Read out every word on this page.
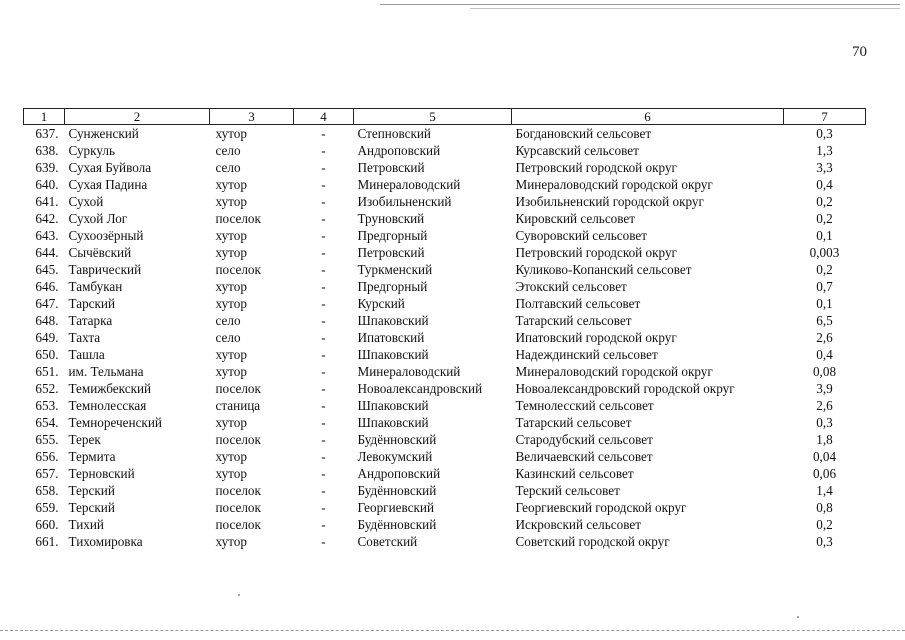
70
1	2	3	4	5	6	7
637.	Сунженский	хутор	-	Степновский	Богдановский сельсовет	0,3
638.	Суркуль	село	-	Андроповский	Курсавский сельсовет	1,3
639.	Сухая Буйвола	село	-	Петровский	Петровский городской округ	3,3
640.	Сухая Падина	хутор	-	Минераловодский	Минераловодский городской округ	0,4
641.	Сухой	хутор	-	Изобильненский	Изобильненский городской округ	0,2
642.	Сухой Лог	поселок	-	Труновский	Кировский сельсовет	0,2
643.	Сухоозёрный	хутор	-	Предгорный	Суворовский сельсовет	0,1
644.	Сычёвский	хутор	-	Петровский	Петровский городской округ	0,003
645.	Таврический	поселок	-	Туркменский	Куликово-Копанский сельсовет	0,2
646.	Тамбукан	хутор	-	Предгорный	Этокский сельсовет	0,7
647.	Тарский	хутор	-	Курский	Полтавский сельсовет	0,1
648.	Татарка	село	-	Шпаковский	Татарский сельсовет	6,5
649.	Тахта	село	-	Ипатовский	Ипатовский городской округ	2,6
650.	Ташла	хутор	-	Шпаковский	Надеждинский сельсовет	0,4
651.	им. Тельмана	хутор	-	Минераловодский	Минераловодский городской округ	0,08
652.	Темижбекский	поселок	-	Новоалександровский	Новоалександровский городской округ	3,9
653.	Темнолесская	станица	-	Шпаковский	Темнолесский сельсовет	2,6
654.	Темнореченский	хутор	-	Шпаковский	Татарский сельсовет	0,3
655.	Терек	поселок	-	Будённовский	Стародубский сельсовет	1,8
656.	Термита	хутор	-	Левокумский	Величаевский сельсовет	0,04
657.	Терновский	хутор	-	Андроповский	Казинский сельсовет	0,06
658.	Терский	поселок	-	Будённовский	Терский сельсовет	1,4
659.	Терский	поселок	-	Георгиевский	Георгиевский городской округ	0,8
660.	Тихий	поселок	-	Будённовский	Искровский сельсовет	0,2
661.	Тихомировка	хутор	-	Советский	Советский городской округ	0,3
